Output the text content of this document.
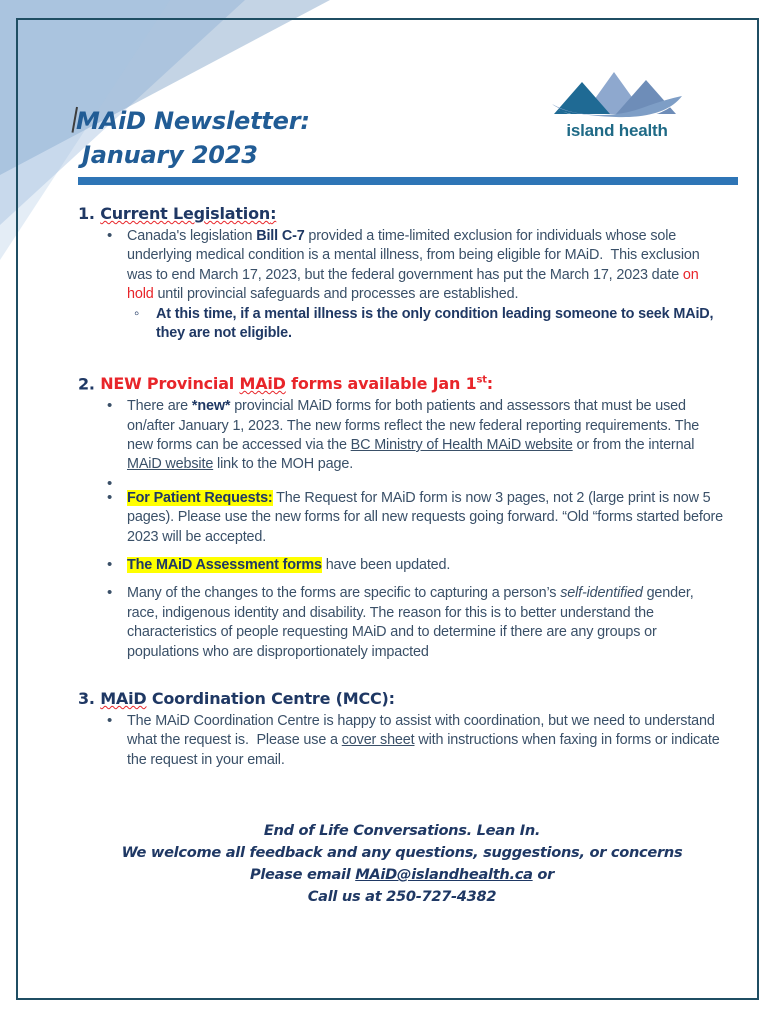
island health
MAiD Newsletter:
January 2023
1. Current Legislation:
• Canada's legislation Bill C-7 provided a time-limited exclusion for individuals whose sole underlying medical condition is a mental illness, from being eligible for MAiD.  This exclusion was to end March 17, 2023, but the federal government has put the March 17, 2023 date on hold until provincial safeguards and processes are established.
◦ At this time, if a mental illness is the only condition leading someone to seek MAiD, they are not eligible.
2. NEW Provincial MAiD forms available Jan 1st:
• There are *new* provincial MAiD forms for both patients and assessors that must be used on/after January 1, 2023. The new forms reflect the new federal reporting requirements. The new forms can be accessed via the BC Ministry of Health MAiD website or from the internal MAiD website link to the MOH page.
•
• For Patient Requests: The Request for MAiD form is now 3 pages, not 2 (large print is now 5 pages). Please use the new forms for all new requests going forward. “Old “forms started before 2023 will be accepted.
• The MAiD Assessment forms have been updated.
• Many of the changes to the forms are specific to capturing a person’s self-identified gender, race, indigenous identity and disability. The reason for this is to better understand the characteristics of people requesting MAiD and to determine if there are any groups or populations who are disproportionately impacted
3. MAiD Coordination Centre (MCC):
• The MAiD Coordination Centre is happy to assist with coordination, but we need to understand what the request is.  Please use a cover sheet with instructions when faxing in forms or indicate the request in your email.
End of Life Conversations. Lean In.
We welcome all feedback and any questions, suggestions, or concerns
Please email MAiD@islandhealth.ca or
Call us at 250-727-4382
